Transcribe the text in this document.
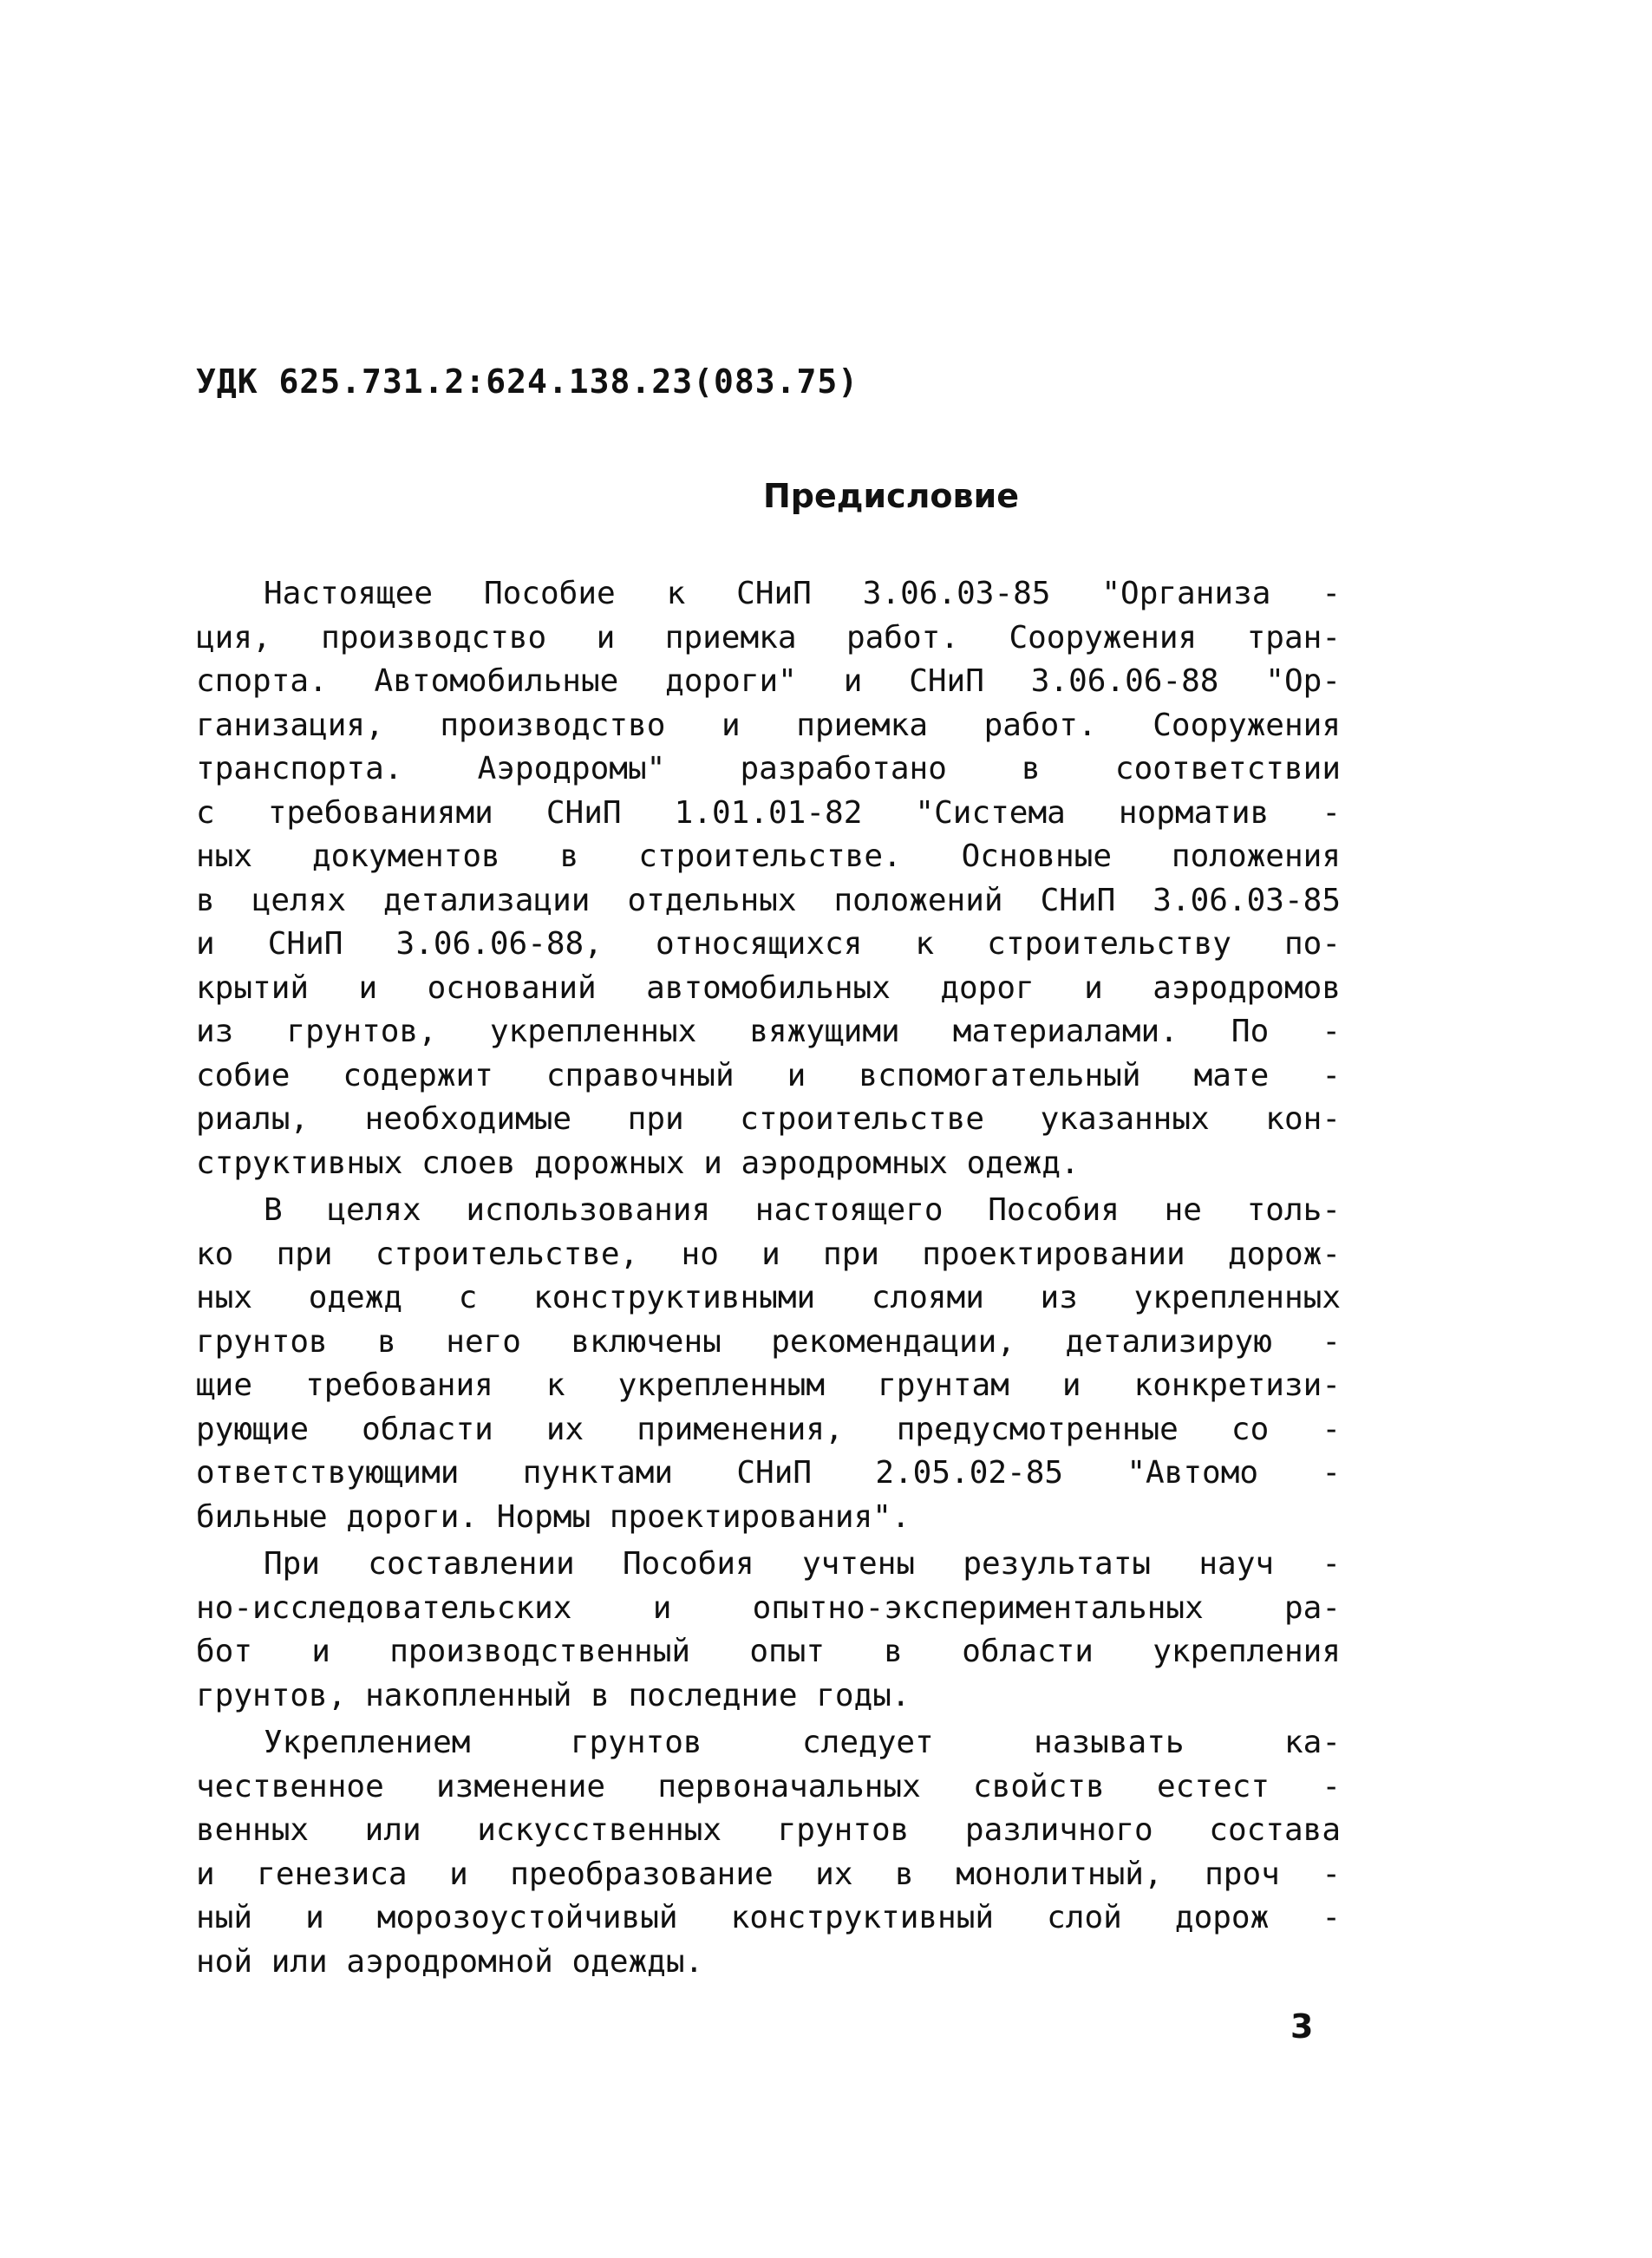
УДК 625.731.2:624.138.23(083.75)
Предисловие
Настоящее Пособие к СНиП 3.06.03-85 "Организа -
ция, производство и приемка работ. Сооружения тран-
спорта. Автомобильные дороги" и СНиП 3.06.06-88 "Ор-
ганизация, производство и приемка работ. Сооружения
транспорта. Аэродромы" разработано в соответствии
с требованиями СНиП 1.01.01-82 "Система норматив -
ных документов в строительстве. Основные положения
в целях детализации отдельных положений СНиП 3.06.03-85
и СНиП 3.06.06-88, относящихся к строительству по-
крытий и оснований автомобильных дорог и аэродромов
из грунтов, укрепленных вяжущими материалами. По -
собие содержит справочный и вспомогательный мате -
риалы, необходимые при строительстве указанных кон-
структивных слоев дорожных и аэродромных одежд.
В целях использования настоящего Пособия не толь-
ко при строительстве, но и при проектировании дорож-
ных одежд с конструктивными слоями из укрепленных
грунтов в него включены рекомендации, детализирую -
щие требования к укрепленным грунтам и конкретизи-
рующие области их применения, предусмотренные со -
ответствующими пунктами СНиП 2.05.02-85 "Автомо -
бильные дороги. Нормы проектирования".
При составлении Пособия учтены результаты науч -
но-исследовательских и опытно-экспериментальных ра-
бот и производственный опыт в области укрепления
грунтов, накопленный в последние годы.
Укреплением грунтов следует называть ка-
чественное изменение первоначальных свойств естест -
венных или искусственных грунтов различного состава
и генезиса и преобразование их в монолитный, проч -
ный и морозоустойчивый конструктивный слой дорож -
ной или аэродромной одежды.
3
